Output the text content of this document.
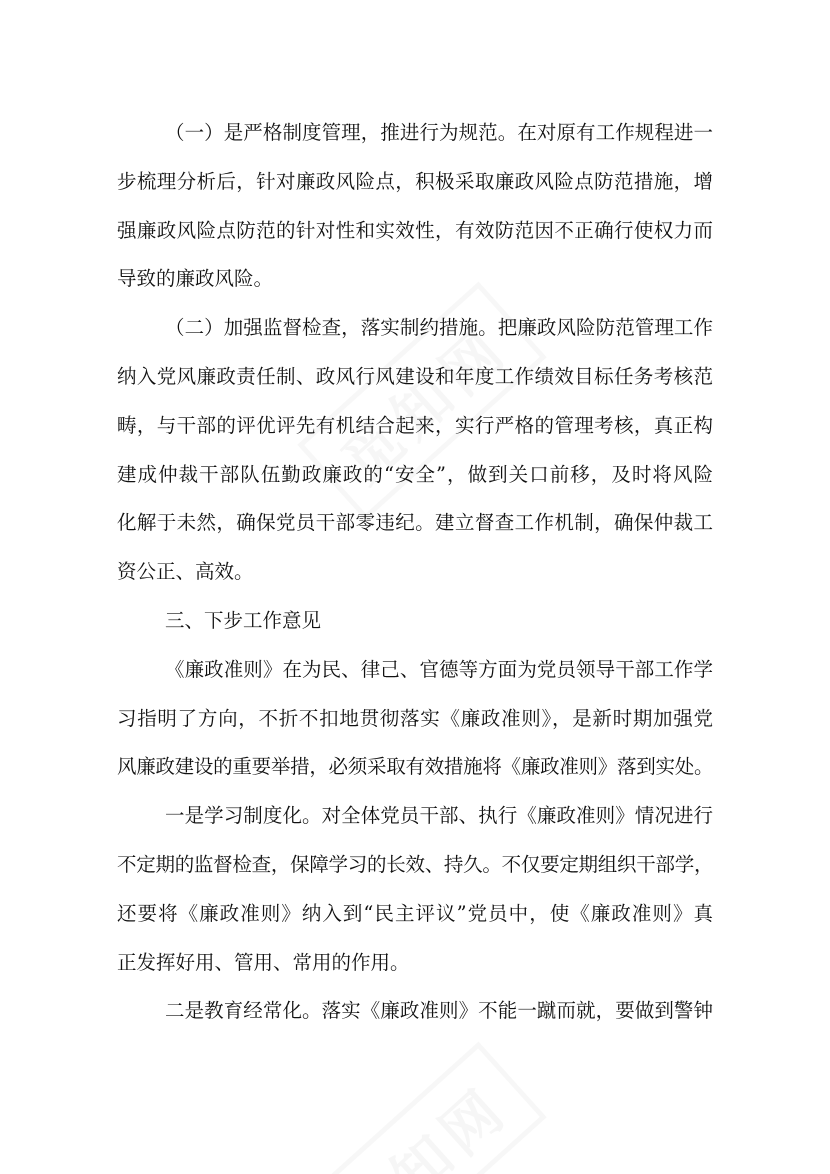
（一）是严格制度管理，推进行为规范。在对原有工作规程进一
步梳理分析后，针对廉政风险点，积极采取廉政风险点防范措施，增
强廉政风险点防范的针对性和实效性，有效防范因不正确行使权力而
导致的廉政风险。
（二）加强监督检查，落实制约措施。把廉政风险防范管理工作
纳入党风廉政责任制、政风行风建设和年度工作绩效目标任务考核范
畴，与干部的评优评先有机结合起来，实行严格的管理考核，真正构
建成仲裁干部队伍勤政廉政的“安全”，做到关口前移，及时将风险
化解于未然，确保党员干部零违纪。建立督查工作机制，确保仲裁工
资公正、高效。
三、下步工作意见
《廉政准则》在为民、律己、官德等方面为党员领导干部工作学
习指明了方向，不折不扣地贯彻落实《廉政准则》，是新时期加强党
风廉政建设的重要举措，必须采取有效措施将《廉政准则》落到实处。
一是学习制度化。对全体党员干部、执行《廉政准则》情况进行
不定期的监督检查，保障学习的长效、持久。不仅要定期组织干部学，
还要将《廉政准则》纳入到“民主评议”党员中，使《廉政准则》真
正发挥好用、管用、常用的作用。
二是教育经常化。落实《廉政准则》不能一蹴而就，要做到警钟
